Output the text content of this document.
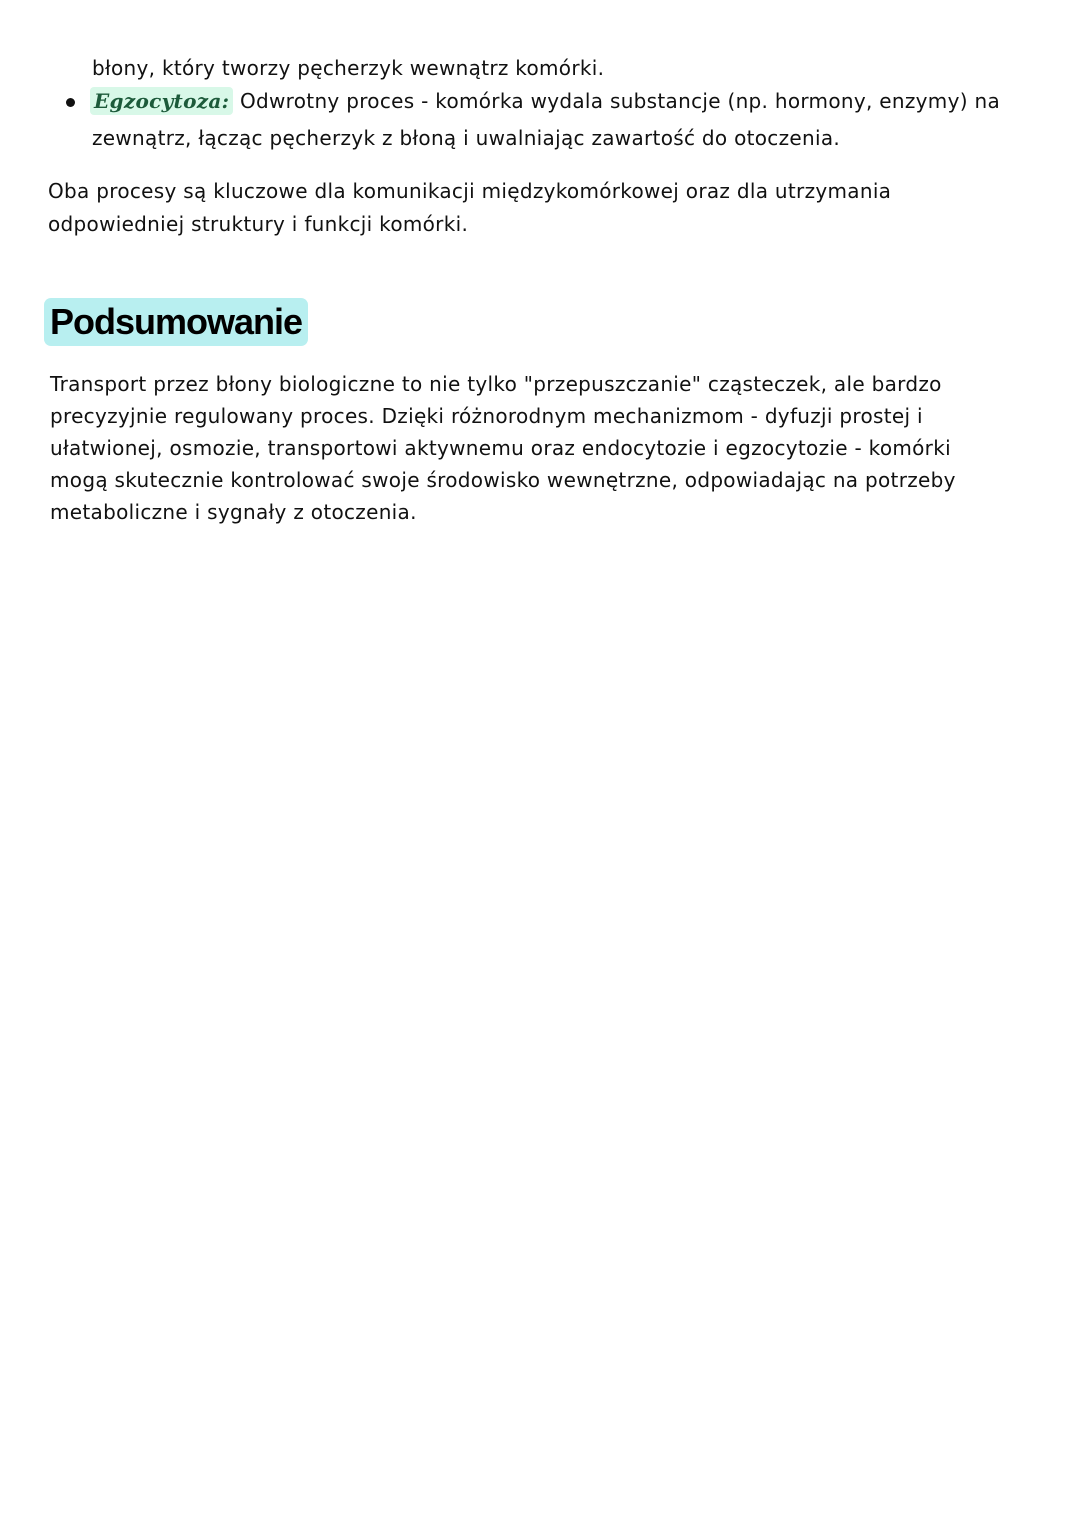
błony, który tworzy pęcherzyk wewnątrz komórki.
Egzocytoza: Odwrotny proces - komórka wydala substancje (np. hormony, enzymy) na
zewnątrz, łącząc pęcherzyk z błoną i uwalniając zawartość do otoczenia.
Oba procesy są kluczowe dla komunikacji międzykomórkowej oraz dla utrzymania
odpowiedniej struktury i funkcji komórki.
Podsumowanie
Transport przez błony biologiczne to nie tylko "przepuszczanie" cząsteczek, ale bardzo
precyzyjnie regulowany proces. Dzięki różnorodnym mechanizmom - dyfuzji prostej i
ułatwionej, osmozie, transportowi aktywnemu oraz endocytozie i egzocytozie - komórki
mogą skutecznie kontrolować swoje środowisko wewnętrzne, odpowiadając na potrzeby
metaboliczne i sygnały z otoczenia.
